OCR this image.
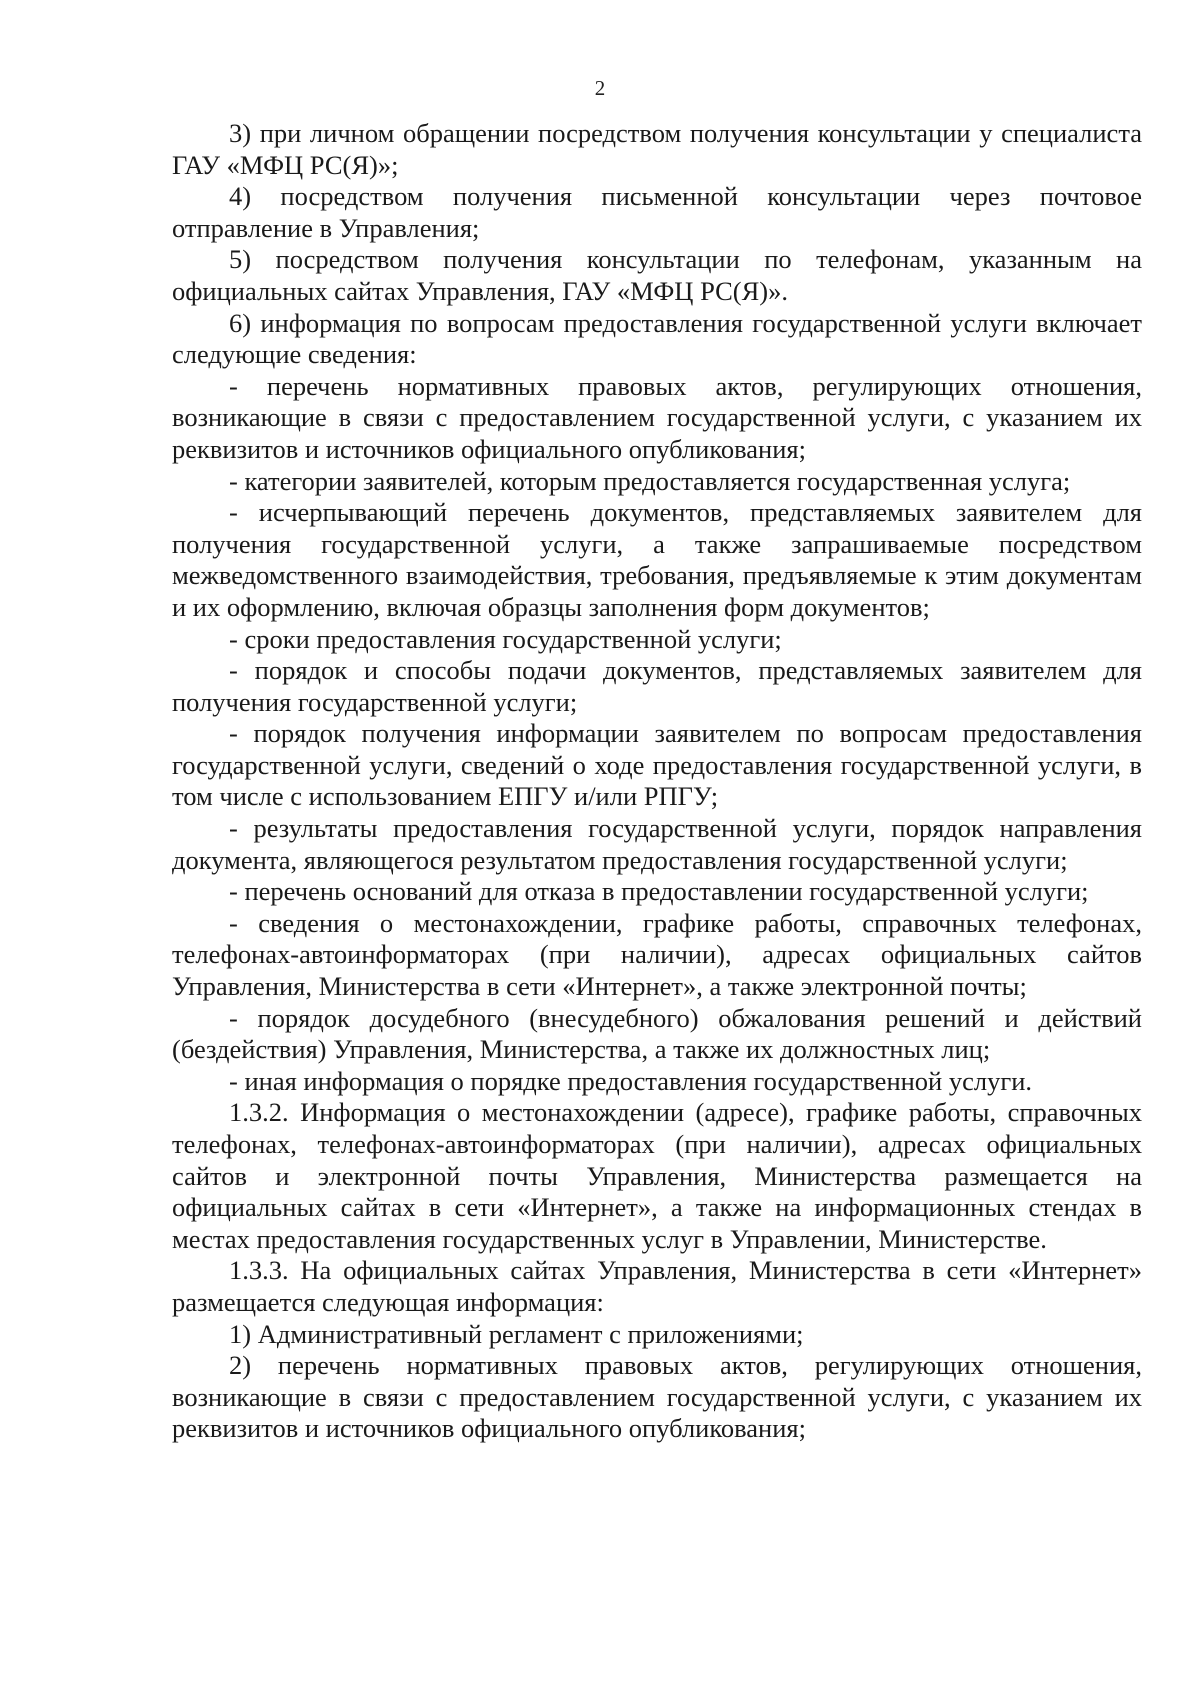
2

3) при личном обращении посредством получения консультации у специалиста ГАУ «МФЦ РС(Я)»;

4) посредством получения письменной консультации через почтовое отправление в Управления;

5) посредством получения консультации по телефонам, указанным на официальных сайтах Управления, ГАУ «МФЦ РС(Я)».

6) информация по вопросам предоставления государственной услуги включает следующие сведения:

- перечень нормативных правовых актов, регулирующих отношения, возникающие в связи с предоставлением государственной услуги, с указанием их реквизитов и источников официального опубликования;

- категории заявителей, которым предоставляется государственная услуга;

- исчерпывающий перечень документов, представляемых заявителем для получения государственной услуги, а также запрашиваемые посредством межведомственного взаимодействия, требования, предъявляемые к этим документам и их оформлению, включая образцы заполнения форм документов;

- сроки предоставления государственной услуги;

- порядок и способы подачи документов, представляемых заявителем для получения государственной услуги;

- порядок получения информации заявителем по вопросам предоставления государственной услуги, сведений о ходе предоставления государственной услуги, в том числе с использованием ЕПГУ и/или РПГУ;

- результаты предоставления государственной услуги, порядок направления документа, являющегося результатом предоставления государственной услуги;

- перечень оснований для отказа в предоставлении государственной услуги;

- сведения о местонахождении, графике работы, справочных телефонах, телефонах-автоинформаторах (при наличии), адресах официальных сайтов Управления, Министерства в сети «Интернет», а также электронной почты;

- порядок досудебного (внесудебного) обжалования решений и действий (бездействия) Управления, Министерства, а также их должностных лиц;

- иная информация о порядке предоставления государственной услуги.

1.3.2. Информация о местонахождении (адресе), графике работы, справочных телефонах, телефонах-автоинформаторах (при наличии), адресах официальных сайтов и электронной почты Управления, Министерства размещается на официальных сайтах в сети «Интернет», а также на информационных стендах в местах предоставления государственных услуг в Управлении, Министерстве.

1.3.3. На официальных сайтах Управления, Министерства в сети «Интернет» размещается следующая информация:

1) Административный регламент с приложениями;

2) перечень нормативных правовых актов, регулирующих отношения, возникающие в связи с предоставлением государственной услуги, с указанием их реквизитов и источников официального опубликования;
